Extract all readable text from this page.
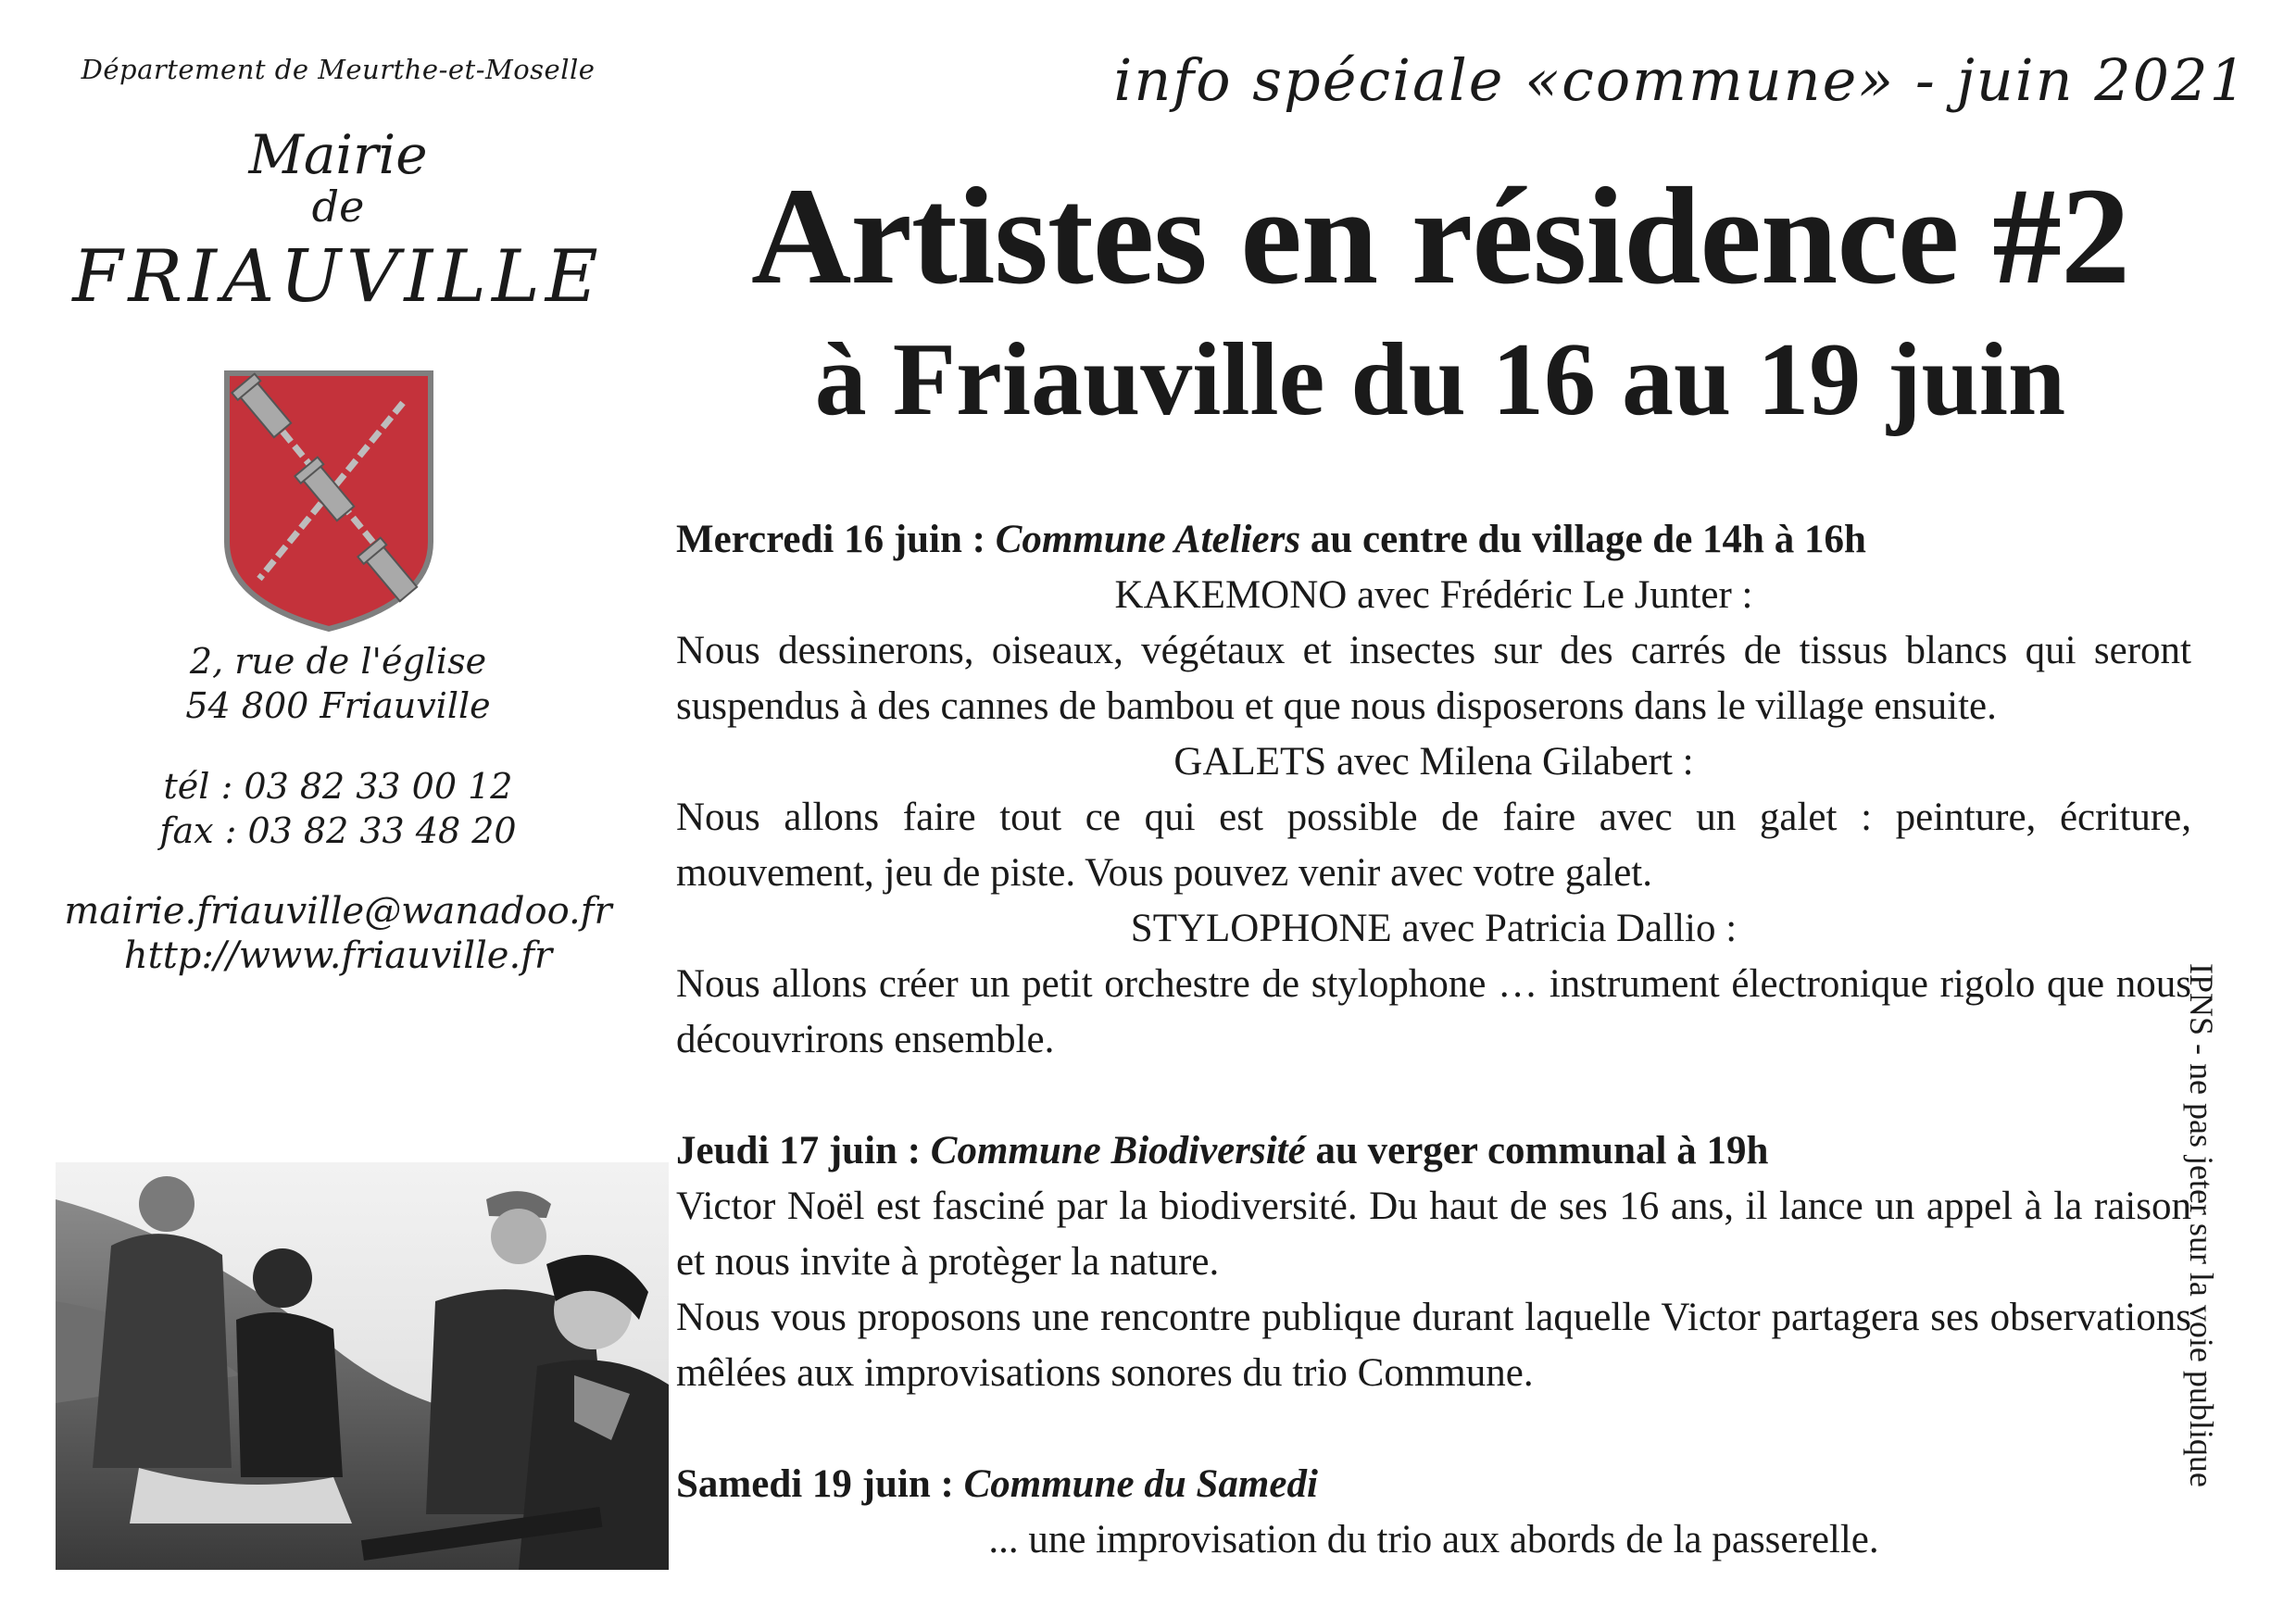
Département de Meurthe-et-Moselle
Mairie
de
FRIAUVILLE
2, rue de l'église
54 800 Friauville
tél : 03 82 33 00 12
fax : 03 82 33 48 20
mairie.friauville@wanadoo.fr
http://www.friauville.fr
info spéciale «commune» - juin 2021
Artistes en résidence #2
à Friauville du 16 au 19 juin

Mercredi 16 juin : Commune Ateliers au centre du village de 14h à 16h

KAKEMONO avec Frédéric Le Junter :

Nous dessinerons, oiseaux, végétaux et insectes sur des carrés de tissus blancs qui seront suspendus à des cannes de bambou et que nous disposerons dans le village ensuite.

GALETS avec Milena Gilabert :

Nous allons faire tout ce qui est possible de faire avec un galet : peinture, écriture, mouvement, jeu de piste. Vous pouvez venir avec votre galet.

STYLOPHONE avec Patricia Dallio :

Nous allons créer un petit orchestre de stylophone … instrument électronique rigolo que nous découvrirons ensemble.

Jeudi 17 juin : Commune Biodiversité au verger communal à 19h

Victor Noël est fasciné par la biodiversité. Du haut de ses 16 ans, il lance un appel à la raison et nous invite à protèger la nature.

Nous vous proposons une rencontre publique durant laquelle Victor partagera ses observations mêlées aux improvisations sonores du trio Commune.

Samedi 19 juin : Commune du Samedi

... une improvisation du trio aux abords de la passerelle.

IPNS - ne pas jeter sur la voie publique
